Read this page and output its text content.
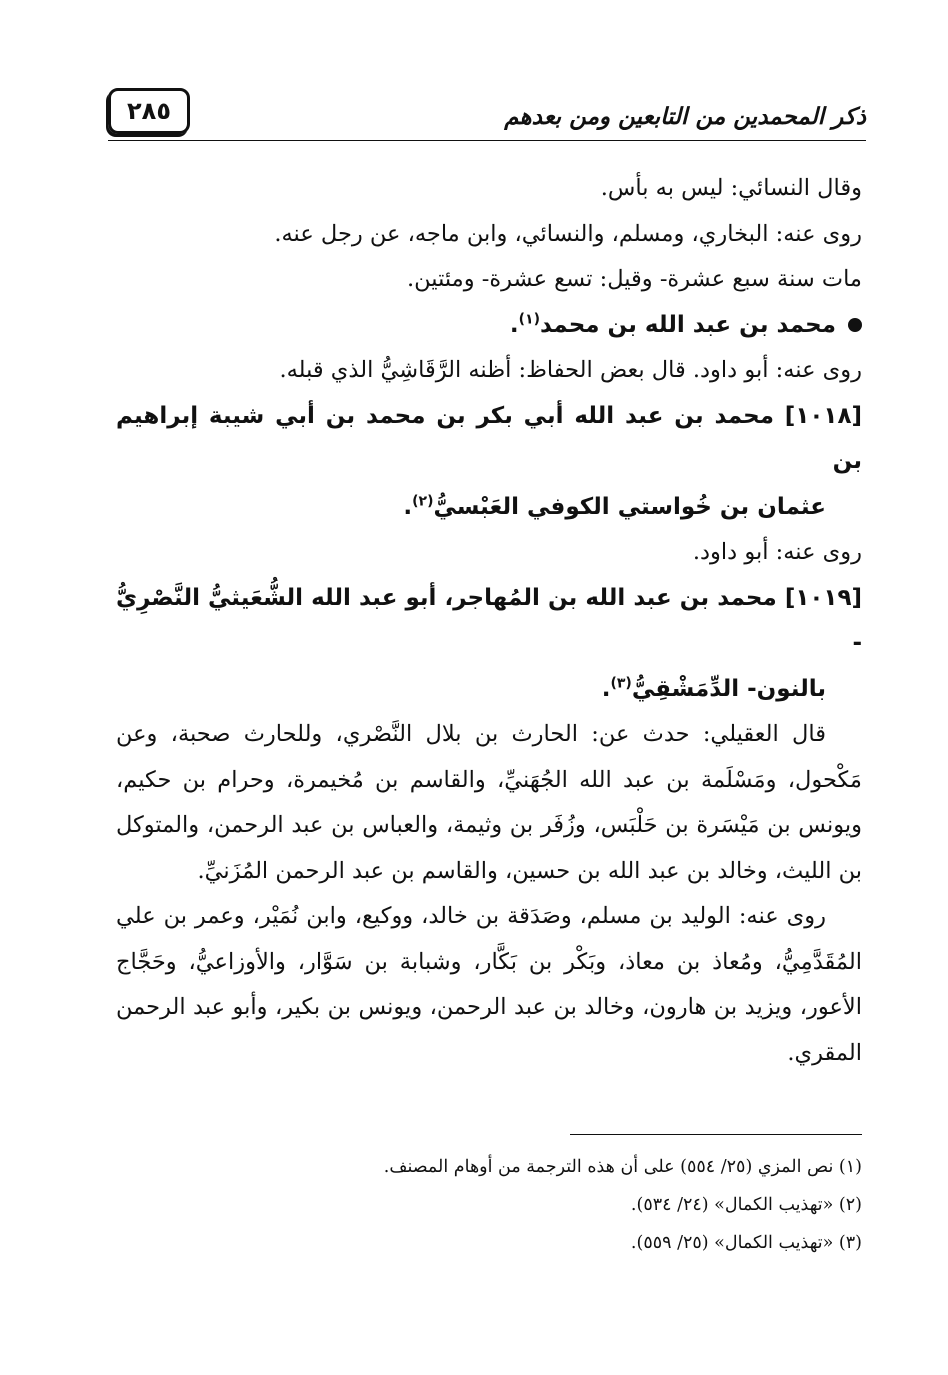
ذكر المحمدين من التابعين ومن بعدهم
٢٨٥

وقال النسائي: ليس به بأس.

روى عنه: البخاري، ومسلم، والنسائي، وابن ماجه، عن رجل عنه.

مات سنة سبع عشرة- وقيل: تسع عشرة- ومئتين.

محمد بن عبد الله بن محمد$^{(١)}$.

روى عنه: أبو داود. قال بعض الحفاظ: أظنه الرَّقَاشِيُّ الذي قبله.

[١٠١٨] محمد بن عبد الله أبي بكر بن محمد بن أبي شيبة إبراهيم بن
عثمان بن خُواستي الكوفي العَبْسيُّ$^{(٢)}$.

روى عنه: أبو داود.

[١٠١٩] محمد بن عبد الله بن المُهاجر، أبو عبد الله الشُّعَيثيُّ النَّصْرِيُّ -
بالنون- الدِّمَشْقِيُّ$^{(٣)}$.

قال العقيلي: حدث عن: الحارث بن بلال النَّصْري، وللحارث صحبة، وعن مَكْحول، ومَسْلَمة بن عبد الله الجُهَنيِّ، والقاسم بن مُخيمرة، وحرام بن حكيم، ويونس بن مَيْسَرة بن حَلْبَس، وزُفَر بن وثيمة، والعباس بن عبد الرحمن، والمتوكل بن الليث، وخالد بن عبد الله بن حسين، والقاسم بن عبد الرحمن المُزَنيِّ.

روى عنه: الوليد بن مسلم، وصَدَقة بن خالد، ووكيع، وابن نُمَيْر، وعمر بن علي المُقَدَّمِيُّ، ومُعاذ بن معاذ، وبَكْر بن بَكَّار، وشبابة بن سَوَّار، والأوزاعيُّ، وحَجَّاج الأعور، ويزيد بن هارون، وخالد بن عبد الرحمن، ويونس بن بكير، وأبو عبد الرحمن المقري.

(١) نص المزي (٢٥/ ٥٥٤) على أن هذه الترجمة من أوهام المصنف.
(٢) «تهذيب الكمال» (٢٤/ ٥٣٤).
(٣) «تهذيب الكمال» (٢٥/ ٥٥٩).
